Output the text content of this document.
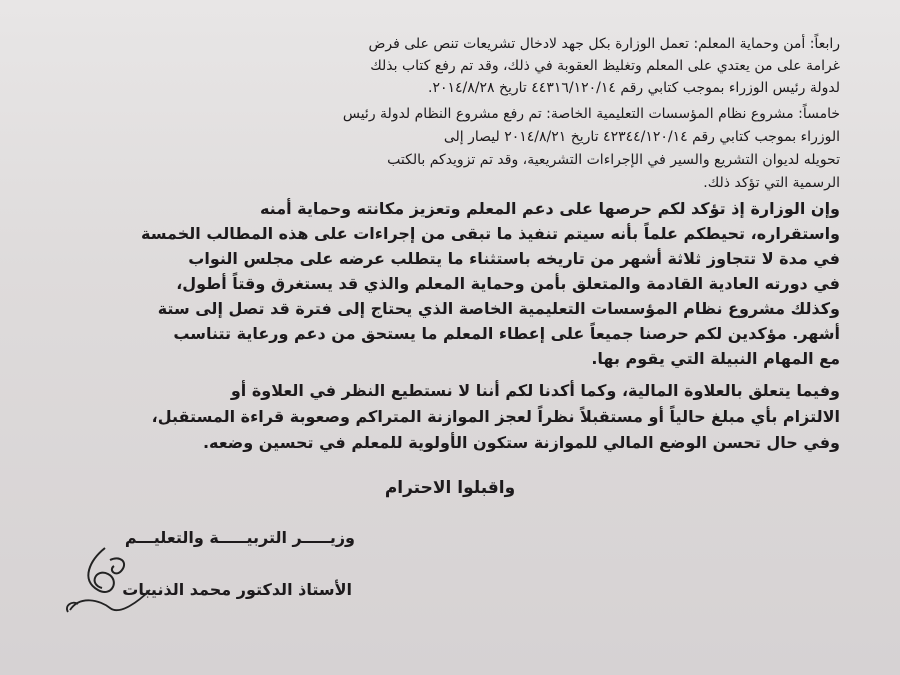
رابعاً: أمن وحماية المعلم: تعمل الوزارة بكل جهد لادخال تشريعات تنص على فرض
غرامة على من يعتدي على المعلم وتغليظ العقوبة في ذلك، وقد تم رفع كتاب بذلك
لدولة رئيس الوزراء بموجب كتابي رقم ٤٤٣١٦/١٢٠/١٤ تاريخ ٢٠١٤/٨/٢٨.
خامساً: مشروع نظام المؤسسات التعليمية الخاصة: تم رفع مشروع النظام لدولة رئيس
الوزراء بموجب كتابي رقم ٤٢٣٤٤/١٢٠/١٤ تاريخ ٢٠١٤/٨/٢١ ليصار إلى
تحويله لديوان التشريع والسير في الإجراءات التشريعية، وقد تم تزويدكم بالكتب
الرسمية التي تؤكد ذلك.
وإن الوزارة إذ تؤكد لكم حرصها على دعم المعلم وتعزيز مكانته وحماية أمنه
واستقراره، تحيطكم علماً بأنه سيتم تنفيذ ما تبقى من إجراءات على هذه المطالب الخمسة
في مدة لا تتجاوز ثلاثة أشهر من تاريخه باستثناء ما يتطلب عرضه على مجلس النواب
في دورته العادية القادمة والمتعلق بأمن وحماية المعلم والذي قد يستغرق وقتاً أطول،
وكذلك مشروع نظام المؤسسات التعليمية الخاصة الذي يحتاج إلى فترة قد تصل إلى ستة
أشهر. مؤكدين لكم حرصنا جميعاً على إعطاء المعلم ما يستحق من دعم ورعاية تتناسب
مع المهام النبيلة التي يقوم بها.
وفيما يتعلق بالعلاوة المالية، وكما أكدنا لكم أننا لا نستطيع النظر في العلاوة أو
الالتزام بأي مبلغ حالياً أو مستقبلاً نظراً لعجز الموازنة المتراكم وصعوبة قراءة المستقبل،
وفي حال تحسن الوضع المالي للموازنة ستكون الأولوية للمعلم في تحسين وضعه.
واقبلوا الاحترام
وزيـــــر التربيـــــة والتعليـــم
الأستاذ الدكتور محمد الذنيبات
